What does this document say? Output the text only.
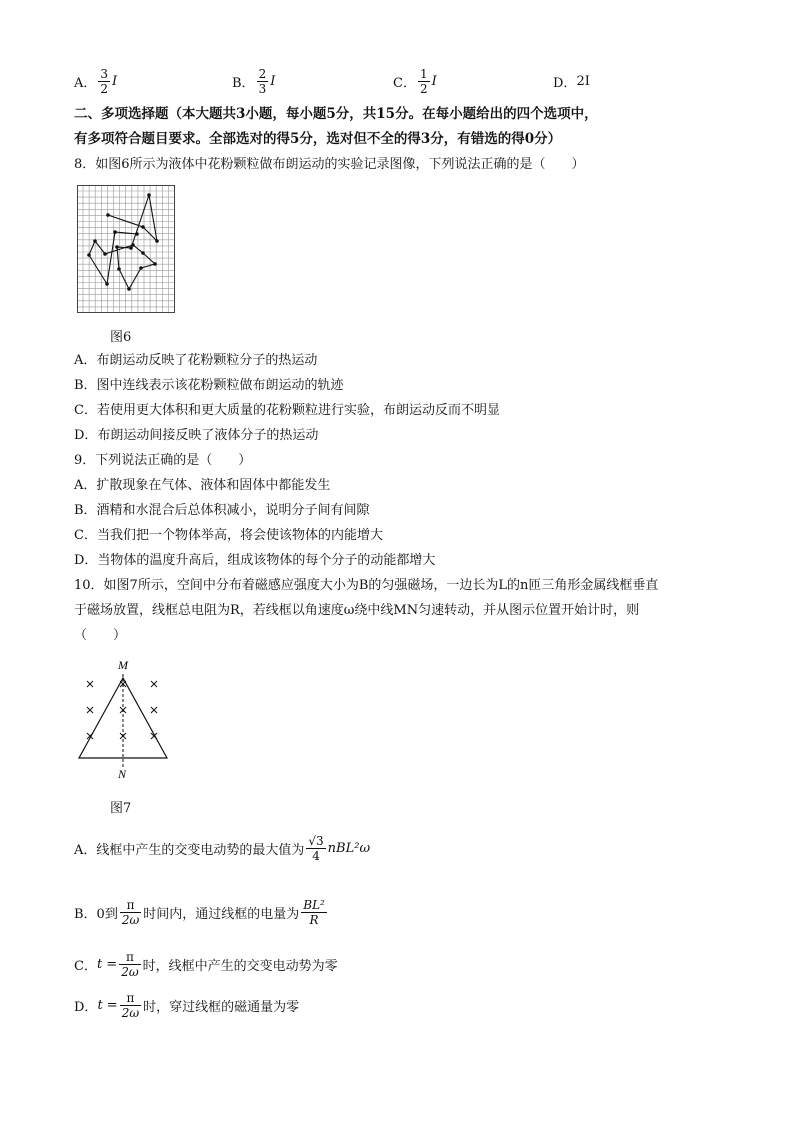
A． $\frac{3}{2}$ I	B． $\frac{2}{3}$ I	C． $\frac{1}{2}$ I	D． 2I
二、多项选择题（本大题共3小题，每小题5分，共15分。在每小题给出的四个选项中，
有多项符合题目要求。全部选对的得5分，选对但不全的得3分，有错选的得0分）
8．如图6所示为液体中花粉颗粒做布朗运动的实验记录图像，下列说法正确的是（　　）
图6
A．布朗运动反映了花粉颗粒分子的热运动
B．图中连线表示该花粉颗粒做布朗运动的轨迹
C．若使用更大体积和更大质量的花粉颗粒进行实验，布朗运动反而不明显
D．布朗运动间接反映了液体分子的热运动
9．下列说法正确的是（　　）
A．扩散现象在气体、液体和固体中都能发生
B．酒精和水混合后总体积减小，说明分子间有间隙
C．当我们把一个物体举高，将会使该物体的内能增大
D．当物体的温度升高后，组成该物体的每个分子的动能都增大
10．如图7所示，空间中分布着磁感应强度大小为B的匀强磁场，一边长为L的n匝三角形金属线框垂直
于磁场放置，线框总电阻为R，若线框以角速度ω绕中线MN匀速转动，并从图示位置开始计时，则
（　　）
M
N
图7
A．线框中产生的交变电动势的最大值为 $\frac{√3}{4} nBL^2\omega$
B．0到 $\frac{\pi}{2\omega}$ 时间内，通过线框的电量为 $\frac{\text{BL²}}{R}$
C． $t = \frac{\pi}{2\omega}$ 时，线框中产生的交变电动势为零
D． $t = \frac{\pi}{2\omega}$ 时，穿过线框的磁通量为零
